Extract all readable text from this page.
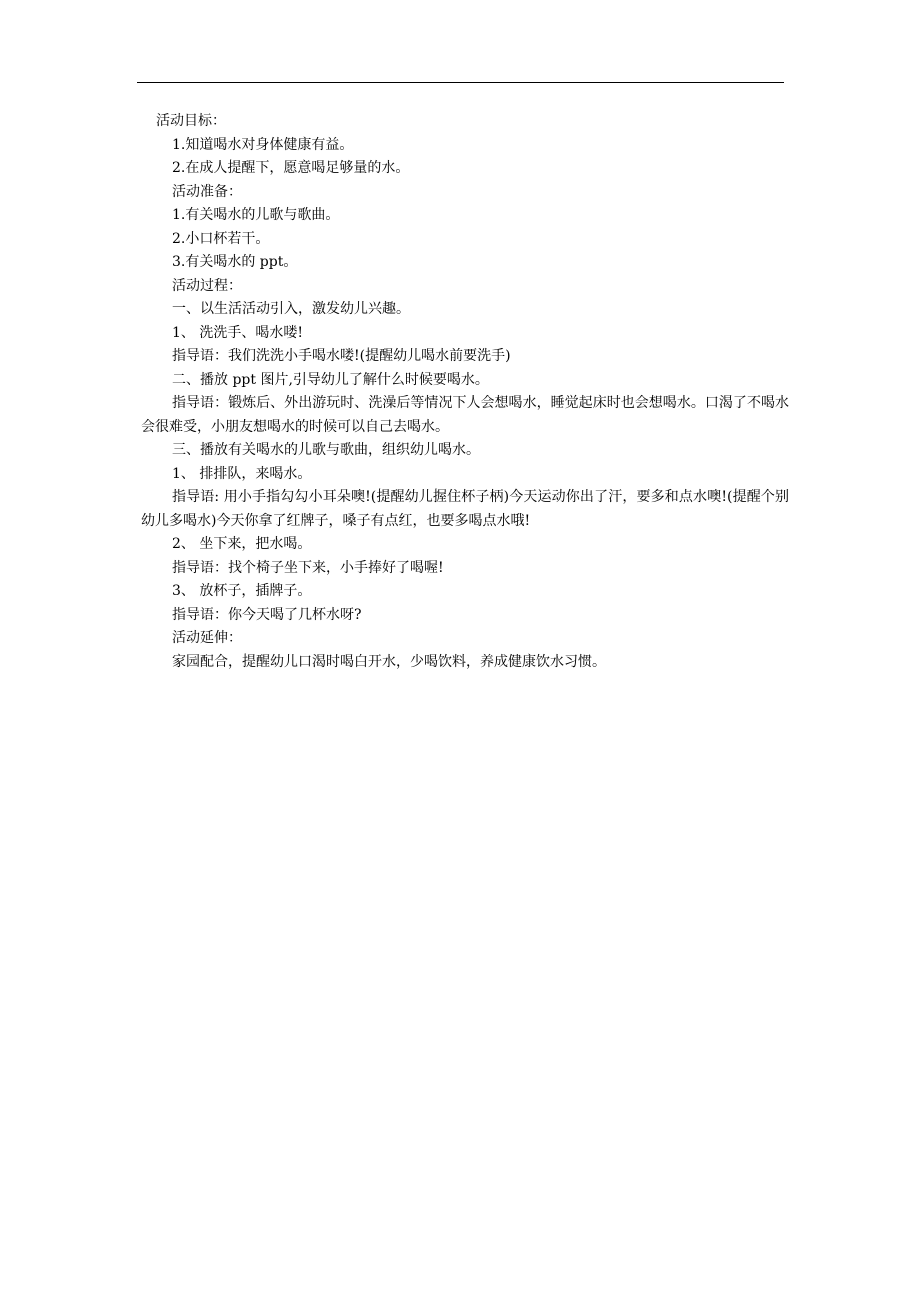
活动目标：
1.知道喝水对身体健康有益。
2.在成人提醒下，愿意喝足够量的水。
活动准备：
1.有关喝水的儿歌与歌曲。
2.小口杯若干。
3.有关喝水的 ppt。
活动过程：
一、以生活活动引入，激发幼儿兴趣。
1、 洗洗手、喝水喽!
指导语：我们洗洗小手喝水喽!(提醒幼儿喝水前要洗手)
二、播放 ppt 图片,引导幼儿了解什么时候要喝水。
指导语：锻炼后、外出游玩时、洗澡后等情况下人会想喝水，睡觉起床时也会想喝水。口渴了不喝水会很难受，小朋友想喝水的时候可以自己去喝水。
三、播放有关喝水的儿歌与歌曲，组织幼儿喝水。
1、 排排队，来喝水。
指导语: 用小手指勾勾小耳朵噢!(提醒幼儿握住杯子柄)今天运动你出了汗，要多和点水噢!(提醒个别幼儿多喝水)今天你拿了红牌子，嗓子有点红，也要多喝点水哦!
2、 坐下来，把水喝。
指导语：找个椅子坐下来，小手捧好了喝喔!
3、 放杯子，插牌子。
指导语：你今天喝了几杯水呀?
活动延伸：
家园配合，提醒幼儿口渴时喝白开水，少喝饮料，养成健康饮水习惯。
